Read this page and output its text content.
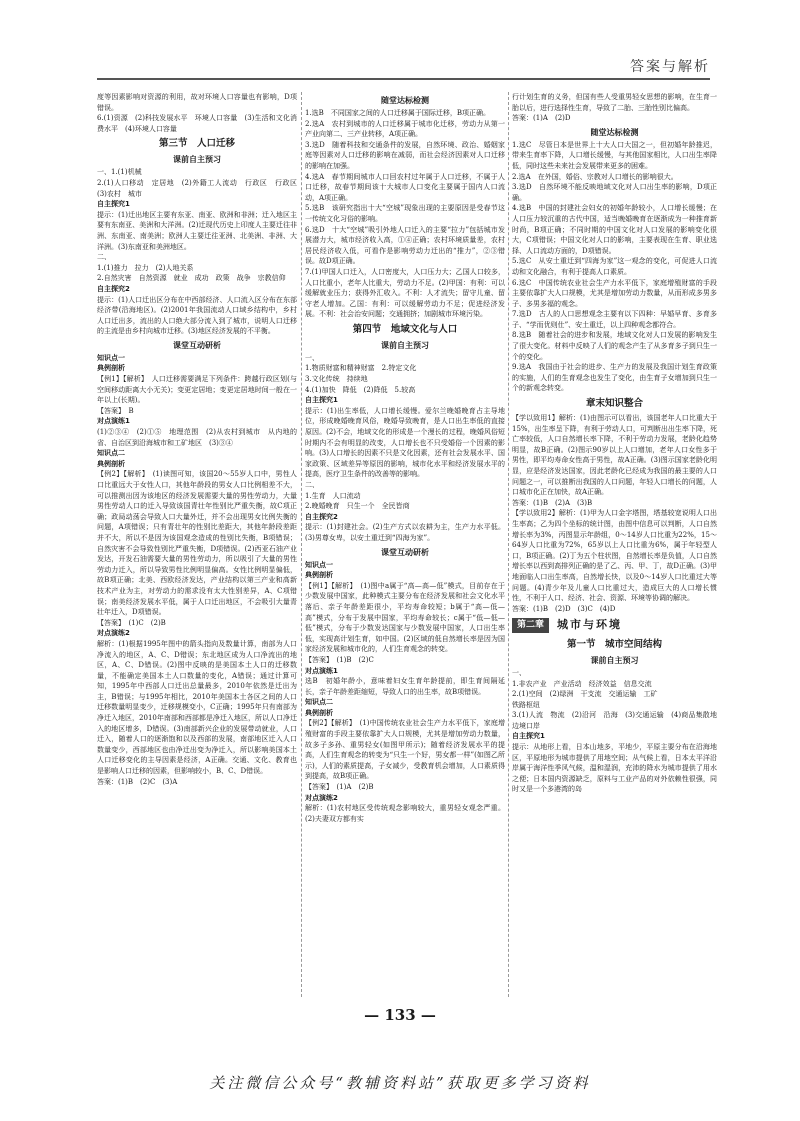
答案与解析

度等因素影响对资源的利用，故对环境人口容量也有影响，D项错误。

6.(1)资源　(2)科技发展水平　环境人口容量　(3)生活和文化消费水平　(4)环境人口容量

第三节　人口迁移

课前自主预习

一、1.(1)机械

2.(1)人口移动　定居地　(2)外籍工人流动　行政区　行政区　(3)农村　城市

自主探究1

提示：(1)迁出地区主要有东亚、南亚、欧洲和非洲；迁入地区主要有东南亚、美洲和大洋洲。(2)迁现代历史上印度人主要迁往非洲、东南亚、南美洲；欧洲人主要迁往亚洲、北美洲、非洲、大洋洲。(3)东南亚和美洲地区。

二、

1.(1)推力　拉力　(2)人地关系

2.自然灾害　自然资源　就业　成功　政策　战争　宗教信仰

自主探究2

提示：(1)人口迁出区分布在中西部经济、人口流入区分布在东部经济带(沿海地区)。(2)2001年我国流动人口域乡结构中，乡村人口迁出多，流出的人口绝大部分流入到了城市，说明人口迁移的主流是由乡村向城市迁移。(3)地区经济发展的不平衡。

课堂互动研析

知识点一

典例剖析

【例1】【解析】　人口迁移需要满足下列条件：跨越行政区划(与空间移动距离大小无关)；变更定居地；变更定居地时间一般在一年以上(长期)。

【答案】　B

对点演练1

(1)②③④　(2)①⑤　地理范围　(2)从农村到城市　从内地的省、自治区到沿海城市和工矿地区　(3)③④

知识点二

典例剖析

【例2】【解析】　(1)读图可知，该国20～55岁人口中，男性人口比重远大于女性人口，其他年龄段的男女人口比例相差不大，可以推测出因为该地区的经济发展需要大量的男性劳动力，大量男性劳动人口的迁入导致该国青壮年性别比严重失衡，故C项正确；政局动荡会导致人口大量外迁，并不会出现男女比例失衡的问题，A项错误；只有青壮年的性别比差距大，其他年龄段差距并不大，所以不是因为该国观念造成的性别比失衡，B项错误；自然灾害不会导致性别比严重失衡，D项错误。(2)西亚石油产业发达，开发石油需要大量的男性劳动力，所以吸引了大量的男性劳动力迁入，所以导致男性比例明显偏高。女性比例明显偏低，故B项正确；北美、西欧经济发达，产业结构以第三产业和高新技术产业为主，对劳动力的需求没有太大性别差异，A、C项错误；南美经济发展水平低，属于人口迁出地区，不会吸引大量青壮年迁入，D项错误。

【答案】　(1)C　(2)B

对点演练2

解析：(1)根据1995年图中的箭头指向及数量计算，南部为人口净流入的地区，A、C、D错误；东北地区成为人口净流出的地区，A、C、D错误。(2)图中反映的是美国本土人口的迁移数量，不能确定美国本土人口数量的变化，A错误；通过计算可知，1995年中西部人口迁出总量最多，2010年依然是迁出为主，B错误；与1995年相比，2010年美国本土各区之间的人口迁移数量明显变少，迁移规模变小，C正确；1995年只有南部为净迁入地区，2010年南部和西部都是净迁入地区，所以人口净迁入的地区增多，D错误。(3)南部新兴企业的发展带动就业，人口迁入，随着人口的逐渐饱和以及西部的发展，南部地区迁入人口数量变少，西部地区也由净迁出变为净迁入，所以影响美国本土人口迁移变化的主导因素是经济，A正确。交通、文化、教育也是影响人口迁移的因素，但影响较小，B、C、D错误。

答案：(1)B　(2)C　(3)A

随堂达标检测

1.选B　不同国家之间的人口迁移属于国际迁移，B项正确。

2.选A　农村到城市的人口迁移属于城市化迁移，劳动力从第一产业向第二、三产业转移，A项正确。

3.选D　随着科技和交通条件的发展，自然环境、政治、婚姻家庭等因素对人口迁移的影响在减弱，而社会经济因素对人口迁移的影响在加强。

4.选A　春节期间城市人口回农村过年属于人口迁移，不属于人口迁移，故春节期间该十大城市人口变化主要属于国内人口流动，A项正确。

5.选B　该研究指出十大“空城”现象出现的主要原因是受春节这一传统文化习俗的影响。

6.选D　十大“空城”吸引外地人口迁入的主要“拉力”包括城市发展潜力大，城市经济收入高，①④正确；农村环境质量差，农村居民经济收入低，可看作是影响劳动力迁出的“推力”，②③错误。故D项正确。

7.(1)甲国人口迁入，人口密度大，人口压力大；乙国人口较多，人口比重小，老年人比重大，劳动力不足。(2)甲国：有利：可以缓解就业压力；获得外汇收入。不利：人才流失；留守儿童、留守老人增加。乙国：有利：可以缓解劳动力不足；促进经济发展。不利：社会治安问题；交通拥挤；加剧城市环境污染。

第四节　地域文化与人口

课前自主预习

一、

1.物质财富和精神财富　2.特定文化

3.文化传统　持续地

4.(1)加快　降低　(2)降低　5.较高

自主探究1

提示：(1)出生率低，人口增长缓慢。爱尔兰晚婚晚育占主导地位，形成晚婚晚育风俗，晚婚导致晚育，是人口出生率低的直接原因。(2)不会，地域文化的形成是一个漫长的过程，晚婚风俗短时期内不会有明显的改变，人口增长也不只受婚俗一个因素的影响。(3)人口增长的因素不只是文化因素，还有社会发展水平、国家政策、区域差异等原因的影响，城市化水平和经济发展水平的提高，医疗卫生条件的改善等的影响。

二、

1.生育　人口流动

2.晚婚晚育　只生一个　全民皆商

自主探究2

提示：(1)封建社会。(2)生产方式以农耕为主，生产力水平低。(3)男尊女卑，以安土重迁到“四海为家”。

课堂互动研析

知识点一

典例剖析

【例1】【解析】　(1)图中a属于“高—高—低”模式，目前存在于少数发展中国家，此种模式主要分布在经济发展和社会文化水平落后、亲子年龄差距很小，平均寿命较短；b属于“高—低—高”模式，分布于发展中国家，平均寿命较长；c属于“低—低—低”模式，分布于少数发达国家与少数发展中国家，人口出生率低，实现高计划生育，如中国。(2)区域的低自然增长率是因为国家经济发展和城市化的，人们生育观念的转变。

【答案】　(1)B　(2)C

对点演练1

选B　初婚年龄小，意味着妇女生育年龄提前，即生育间隔延长，亲子年龄差距缩短，导致人口的出生率，故B项错误。

知识点二

典例剖析

【例2】【解析】　(1)中国传统农业社会生产力水平低下，家庭增殖财富的手段主要依靠扩大人口规模，尤其是增加劳动力数量，故多子多孙、重男轻女(如图甲所示)；随着经济发展水平的提高，人们生育观念的转变为“只生一个好，男女都一样”(如图乙所示)，人们的素质提高，子女减少，受教育机会增加，人口素质得到提高，故B项正确。

【答案】　(1)A　(2)B

对点演练2

解析：(1)农村地区受传统观念影响较大，重男轻女观念严重。(2)夫妻双方都有实

行计划生育的义务，但国有些人受重男轻女思想的影响，在生育一胎以后，进行选择性生育，导致了二胎、三胎性别比偏高。

答案：(1)A　(2)D

随堂达标检测

1.选C　尽管日本是世界上十大人口大国之一，但初婚年龄推迟，带来生育率下降，人口增长缓慢，与其他国家相比，人口出生率降低，同时这些未来社会发展带来更多的困难。

2.选A　在外国，婚俗、宗教对人口增长的影响很大。

3.选D　自然环境不能反映地域文化对人口出生率的影响，D项正确。

4.选B　中国的封建社会妇女的初婚年龄较小，人口增长缓慢；在人口压力较沉重的古代中国，适当晚婚晚育在逐渐成为一种推育新时尚，B项正确；不同时期的中国文化对人口发展的影响变化很大，C项错误；中国文化对人口的影响，主要表现在生育、职业选择、人口流动方面的，D项错误。

5.选C　从安土重迁到“四海为家”这一观念的变化，可促进人口流动和文化融合，有利于提高人口素质。

6.选C　中国传统农业社会生产力水平低下，家庭增殖财富的手段主要依靠扩大人口规模，尤其是增加劳动力数量，从而形成多男多子、多男多福的观念。

7.选D　古人的人口思想观念主要有以下四种：早婚早育、多育多子、“学而优则仕”、安土重迁，以上四种观念都符合。

8.选B　随着社会的进步和发展，地域文化对人口发展的影响发生了很大变化。材料中反映了人们的观念产生了从多育多子到只生一个的变化。

9.选A　我国由于社会的进步、生产力的发展及我国计划生育政策的实施，人们的生育观念也发生了变化，由生育子女增加到只生一个的新观念转变。

章末知识整合

【学以致用1】解析：(1)由图示可以看出，该国老年人口比重大于15%，出生率呈下降，有利于劳动人口，可判断出出生率下降，死亡率较低，人口自然增长率下降，不利于劳动力发展，老龄化趋势明显，故B正确。(2)图示90岁以上人口增加，老年人口女性多于男性，即平均寿命女性高于男性，故A正确。(3)图示国家老龄化明显，应是经济发达国家，因此老龄化已经成为我国的最主要的人口问题之一，可以推断出我国的人口问题，年轻人口增长的问题，人口城市化正在加快，故A正确。

答案：(1)B　(2)A　(3)B

【学以致用2】解析：(1)甲为人口金字塔图，塔基较宽说明人口出生率高；乙为四个坐标的统计图，由图中信息可以判断，人口自然增长率为3%，丙图显示年龄组，0～14岁人口比重为22%，15～64岁人口比重为72%，65岁以上人口比重为6%，属于年轻型人口，B项正确。(2)丁为五个柱状图，自然增长率是负值，人口自然增长率以西到高排列正确的是了乙、丙、甲、丁，故D正确。(3)甲地面临人口出生率高，自然增长快，以及0～14岁人口比重过大等问题。(4)青少年及儿童人口比重过大，造成巨大的人口增长惯性，不利于人口、经济、社会、资源、环境等协调的解决。

答案：(1)B　(2)D　(3)C　(4)D

第二章	城市与环境

第一节　城市空间结构

课前自主预习

一、

1.非农产业　产业活动　经济效益　信息交流

2.(1)空间　(2)绿洲　干支流　交通运输　工矿

铁路枢纽

3.(1)人流　物流　(2)沿河　沿海　(3)交通运输　(4)商品集散地　边境口岸

自主探究1

提示：从地形上看，日本山地多，平地少，平原主要分布在沿海地区，平原地形为城市提供了用地空间；从气候上看，日本太平洋沿岸属于海洋性季风气候，温和湿润，充沛的降水为城市提供了用水之便；日本国内资源缺乏，原料与工业产品的对外依赖性很强，同时又是一个多港湾的岛

— 133 —
关注微信公众号“教辅资料站”获取更多学习资料
